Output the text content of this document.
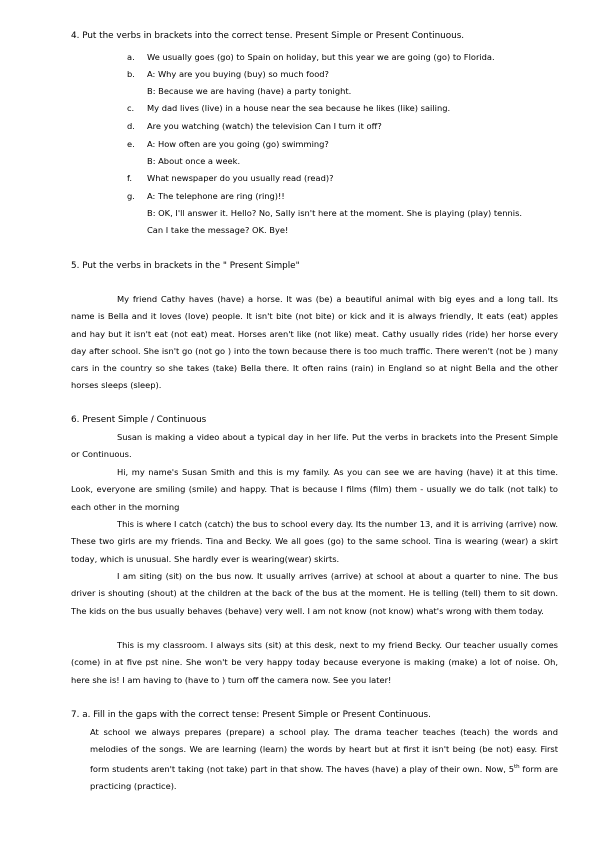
4. Put the verbs in brackets into the correct tense. Present Simple or Present Continuous.
a. We usually goes (go) to Spain on holiday, but this year we are going (go) to Florida.
b. A: Why are you buying (buy) so much food?
B: Because we are having (have) a party tonight.
c. My dad lives (live) in a house near the sea because he likes (like) sailing.
d. Are you watching (watch) the television Can I turn it off?
e. A: How often are you going (go) swimming?
B: About once a week.
f. What newspaper do you usually read (read)?
g. A: The telephone are ring (ring)!!
B: OK, I'll answer it. Hello? No, Sally isn't here at the moment. She is playing (play) tennis.
Can I take the message? OK. Bye!
5. Put the verbs in brackets in the " Present Simple"
My friend Cathy haves (have) a horse. It was (be) a beautiful animal with big eyes and a long tall. Its name is Bella and it loves (love) people. It isn't bite (not bite) or kick and it is always friendly, It eats (eat) apples and hay but it isn't eat (not eat) meat. Horses aren't like (not like) meat. Cathy usually rides (ride) her horse every day after school. She isn't go (not go ) into the town because there is too much traffic. There weren't (not be ) many cars in the country so she takes (take) Bella there. It often rains (rain) in England so at night Bella and the other horses sleeps (sleep).
6. Present Simple / Continuous
Susan is making a video about a typical day in her life. Put the verbs in brackets into the Present Simple or Continuous.
Hi, my name's Susan Smith and this is my family. As you can see we are having (have) it at this time. Look, everyone are smiling (smile) and happy. That is because I films (film) them - usually we do talk (not talk) to each other in the morning
This is where I catch (catch) the bus to school every day. Its the number 13, and it is arriving (arrive) now. These two girls are my friends. Tina and Becky. We all goes (go) to the same school. Tina is wearing (wear) a skirt today, which is unusual. She hardly ever is wearing(wear) skirts.
I am siting (sit) on the bus now. It usually arrives (arrive) at school at about a quarter to nine. The bus driver is shouting (shout) at the children at the back of the bus at the moment. He is telling (tell) them to sit down. The kids on the bus usually behaves (behave) very well. I am not know (not know) what's wrong with them today.
This is my classroom. I always sits (sit) at this desk, next to my friend Becky. Our teacher usually comes (come) in at five pst nine. She won't be very happy today because everyone is making (make) a lot of noise. Oh, here she is! I am having to (have to ) turn off the camera now. See you later!
7. a. Fill in the gaps with the correct tense: Present Simple or Present Continuous.
At school we always prepares (prepare) a school play. The drama teacher teaches (teach) the words and melodies of the songs. We are learning (learn) the words by heart but at first it isn't being (be not) easy. First form students aren't taking (not take) part in that show. The haves (have) a play of their own. Now, 5th form are practicing (practice).
